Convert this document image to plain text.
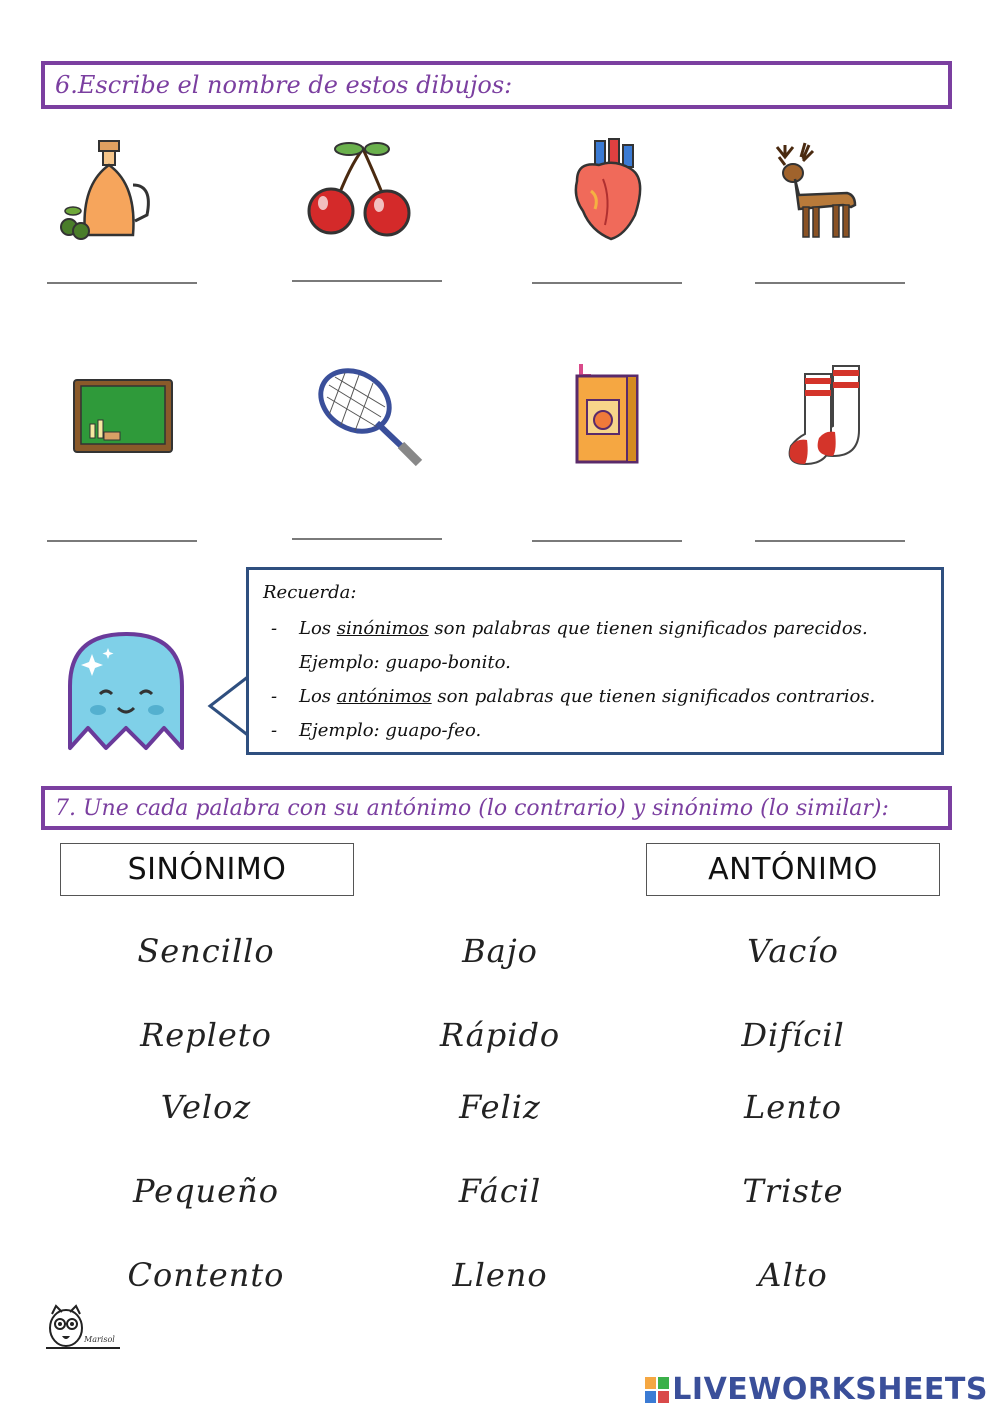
6.Escribe el nombre de estos dibujos:
Recuerda:
- Los sinónimos son palabras que tienen significados parecidos.
Ejemplo: guapo-bonito.
- Los antónimos son palabras que tienen significados contrarios.
- Ejemplo: guapo-feo.
7. Une cada palabra con su antónimo (lo contrario) y sinónimo (lo similar):
SINÓNIMO	ANTÓNIMO
Sencillo
Repleto
Veloz
Pequeño
Contento
Bajo
Rápido
Feliz
Fácil
Lleno
Vacío
Difícil
Lento
Triste
Alto
Marisol
LIVEWORKSHEETS
